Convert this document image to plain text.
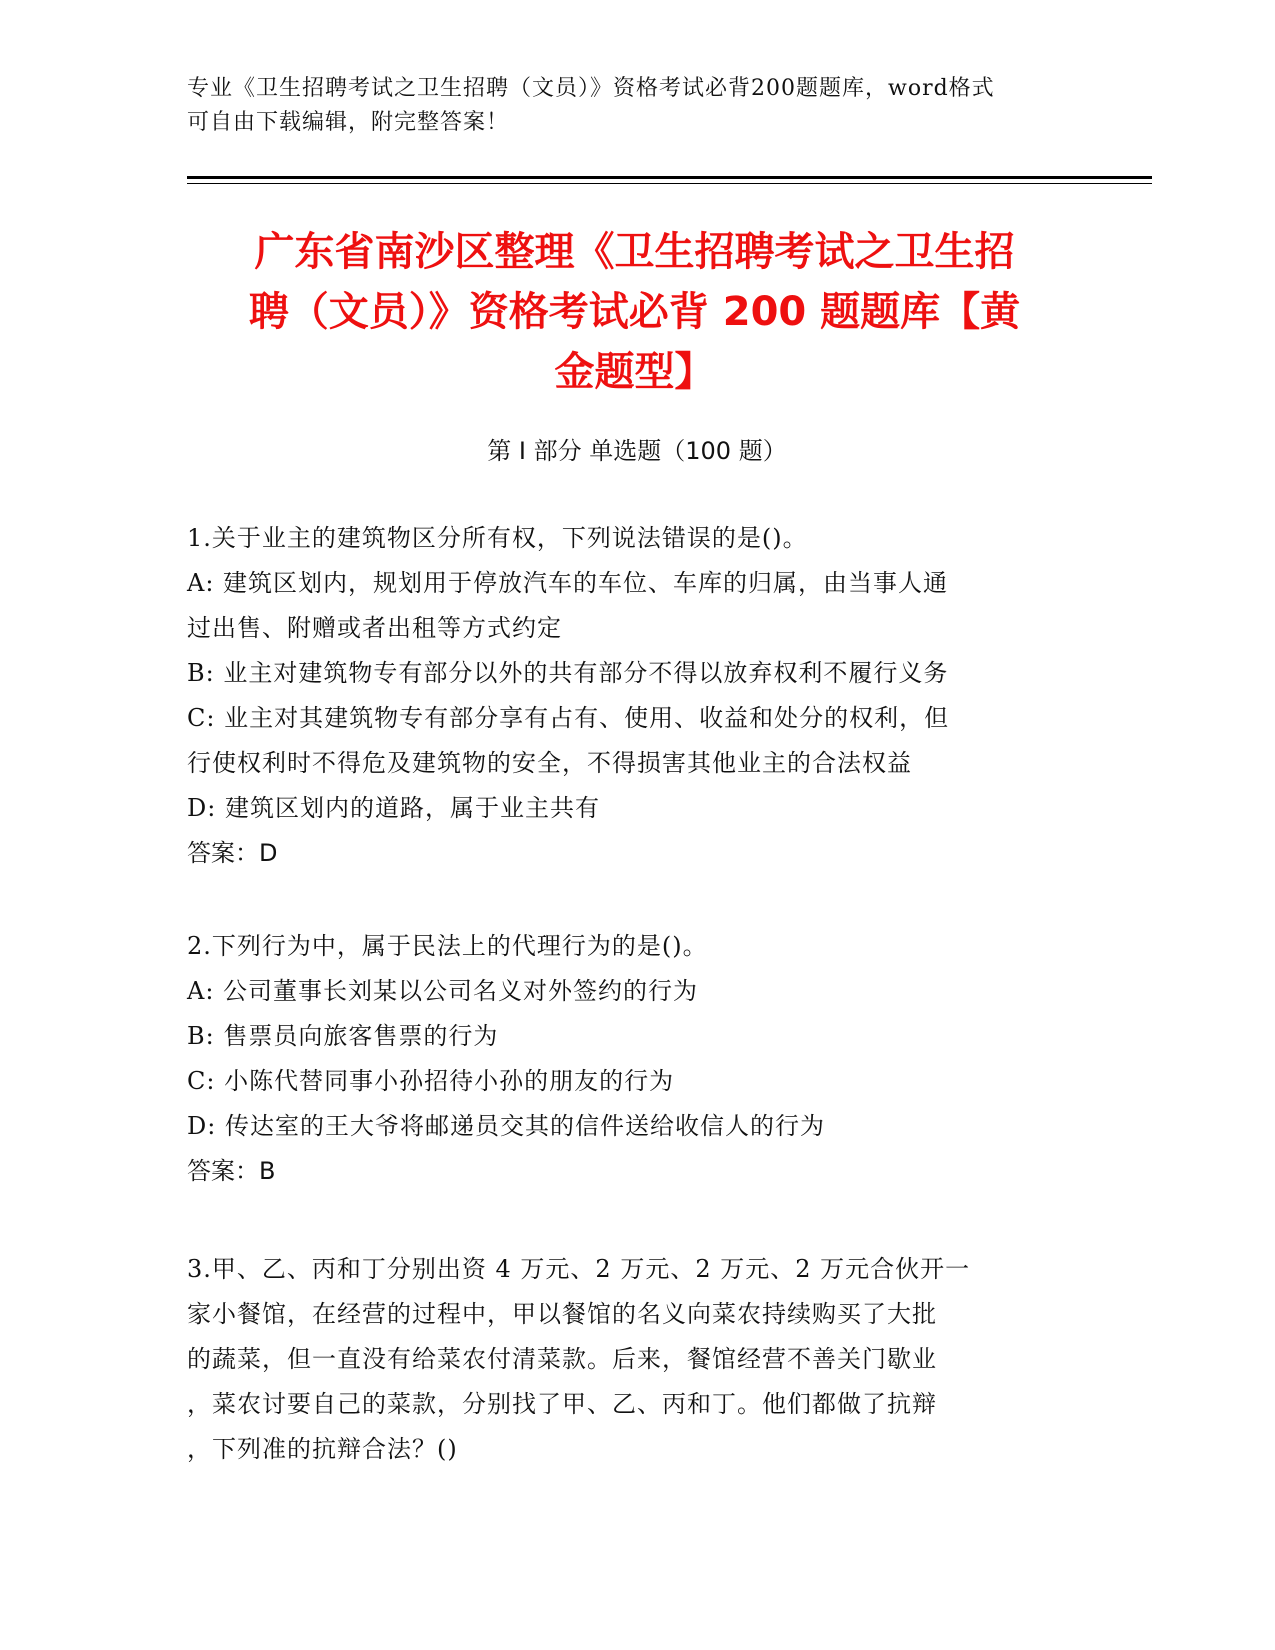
专业《卫生招聘考试之卫生招聘（文员）》资格考试必背200题题库，word格式
可自由下载编辑，附完整答案！
广东省南沙区整理《卫生招聘考试之卫生招
聘（文员）》资格考试必背 200 题题库【黄
金题型】
第 I 部分 单选题（100 题）
1.关于业主的建筑物区分所有权，下列说法错误的是()。
A: 建筑区划内，规划用于停放汽车的车位、车库的归属，由当事人通
过出售、附赠或者出租等方式约定
B: 业主对建筑物专有部分以外的共有部分不得以放弃权利不履行义务
C: 业主对其建筑物专有部分享有占有、使用、收益和处分的权利，但
行使权利时不得危及建筑物的安全，不得损害其他业主的合法权益
D: 建筑区划内的道路，属于业主共有
答案：D
2.下列行为中，属于民法上的代理行为的是()。
A: 公司董事长刘某以公司名义对外签约的行为
B: 售票员向旅客售票的行为
C: 小陈代替同事小孙招待小孙的朋友的行为
D: 传达室的王大爷将邮递员交其的信件送给收信人的行为
答案：B
3.甲、乙、丙和丁分别出资 4 万元、2 万元、2 万元、2 万元合伙开一
家小餐馆，在经营的过程中，甲以餐馆的名义向菜农持续购买了大批
的蔬菜，但一直没有给菜农付清菜款。后来，餐馆经营不善关门歇业
，菜农讨要自己的菜款，分别找了甲、乙、丙和丁。他们都做了抗辩
，下列准的抗辩合法？()
